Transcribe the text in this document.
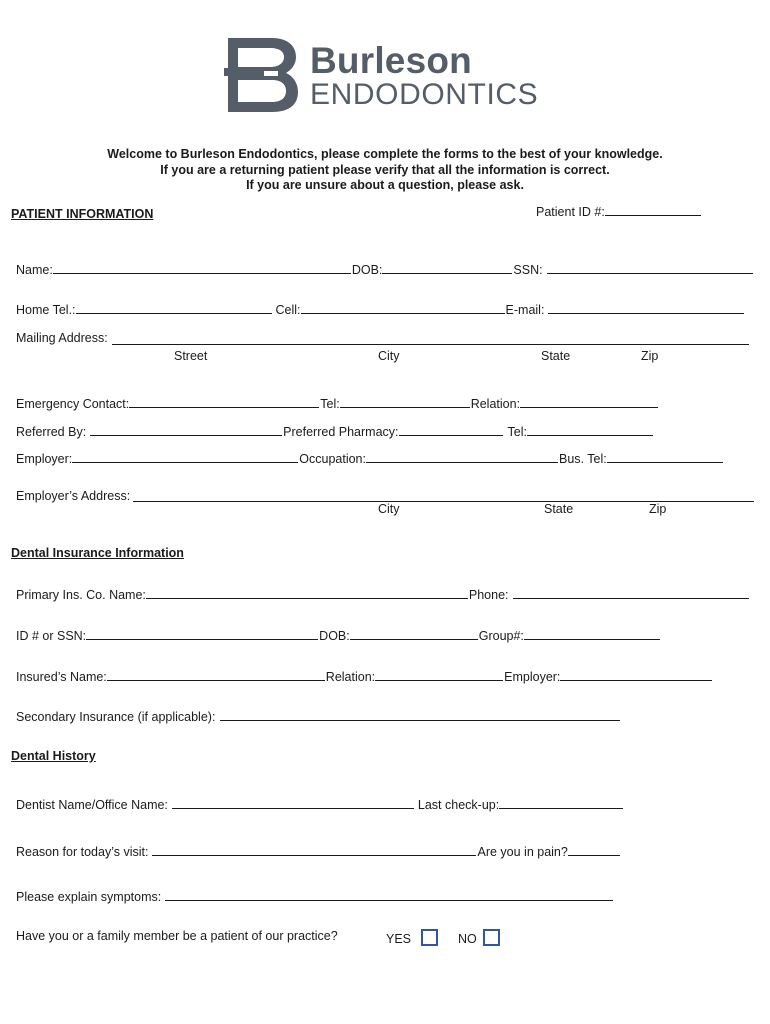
Burleson
ENDODONTICS
Welcome to Burleson Endodontics, please complete the forms to the best of your knowledge.
If you are a returning patient please verify that all the information is correct.
If you are unsure about a question, please ask.
PATIENT INFORMATION	Patient ID #:
Name:	DOB:	SSN:
Home Tel.:	Cell:	E-mail:
Mailing Address:
Street	City	State	Zip
Emergency Contact:	Tel:	Relation:
Referred By:	Preferred Pharmacy:	Tel:
Employer:	Occupation:	Bus. Tel:
Employer’s Address:
City	State	Zip
Dental Insurance Information
Primary Ins. Co. Name:	Phone:
ID # or SSN:	DOB:	Group#:
Insured’s Name:	Relation:	Employer:
Secondary Insurance (if applicable):
Dental History
Dentist Name/Office Name:	Last check-up:
Reason for today’s visit:	Are you in pain?
Please explain symptoms:
Have you or a family member be a patient of our practice?	YES	NO
